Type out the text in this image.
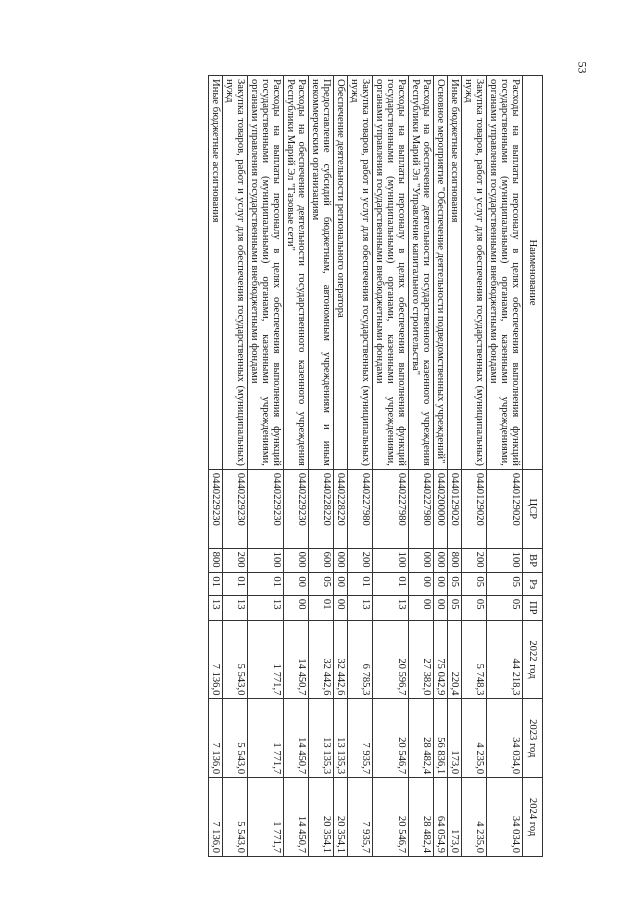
53
Наименование	ЦСР	ВР	Рз	ПР	2022 год	2023 год	2024 год
Расходы на выплаты персоналу в целях обеспечения выполнения функций государственными (муниципальными) органами, казенными учреждениями, органами управления государственными внебюджетными фондами	0440129020	100	05	05	44 218,3	34 034,0	34 034,0

Закупка товаров, работ и услуг для обеспечения государственных (муниципальных) нужд	0440129020	200	05	05	5 748,3	4 235,0	4 235,0

Иные бюджетные ассигнования	0440129020	800	05	05	220,4	173,0	173,0

Основное мероприятие "Обеспечение деятельности подведомственных учреждений"	0440200000	000	00	00	75 042,9	56 836,1	64 054,9

Расходы на обеспечение деятельности государственного казенного учреждения Республики Марий Эл "Управление капитального строительства"	0440227980	000	00	00	27 382,0	28 482,4	28 482,4

Расходы на выплаты персоналу в целях обеспечения выполнения функций государственными (муниципальными) органами, казенными учреждениями, органами управления государственными внебюджетными фондами	0440227980	100	01	13	20 596,7	20 546,7	20 546,7

Закупка товаров, работ и услуг для обеспечения государственных (муниципальных) нужд	0440227980	200	01	13	6 785,3	7 935,7	7 935,7

Обеспечение деятельности регионального оператора	0440228220	000	00	00	32 442,6	13 135,3	20 354,1

Предоставление субсидий бюджетным, автономным учреждениям и иным некоммерческим организациям	0440228220	600	05	01	32 442,6	13 135,3	20 354,1

Расходы на обеспечение деятельности государственного казенного учреждения Республики Марий Эл "Газовые сети"	0440229230	000	00	00	14 450,7	14 450,7	14 450,7

Расходы на выплаты персоналу в целях обеспечения выполнения функций государственными (муниципальными) органами, казенными учреждениями, органами управления государственными внебюджетными фондами	0440229230	100	01	13	1 771,7	1 771,7	1 771,7

Закупка товаров, работ и услуг для обеспечения государственных (муниципальных) нужд	0440229230	200	01	13	5 543,0	5 543,0	5 543,0

Иные бюджетные ассигнования	0440229230	800	01	13	7 136,0	7 136,0	7 136,0
